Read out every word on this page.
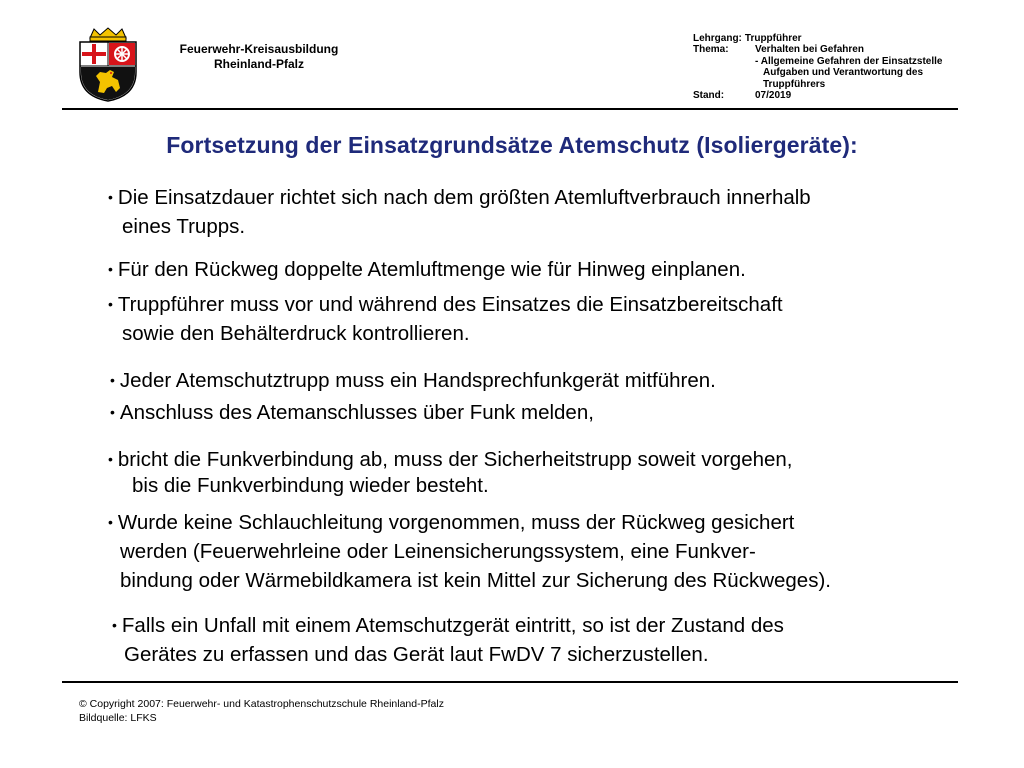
Feuerwehr-Kreisausbildung
Rheinland-Pfalz
Lehrgang: Truppführer
Thema:	Verhalten bei Gefahren
- Allgemeine Gefahren der Einsatzstelle
Aufgaben und Verantwortung des
Truppführers
Stand:	07/2019
Fortsetzung der Einsatzgrundsätze Atemschutz (Isoliergeräte):
• Die Einsatzdauer richtet sich nach dem größten Atemluftverbrauch innerhalb
eines Trupps.
• Für den Rückweg doppelte Atemluftmenge wie für Hinweg einplanen.
• Truppführer muss vor und während des Einsatzes die Einsatzbereitschaft
sowie den Behälterdruck kontrollieren.
• Jeder Atemschutztrupp muss ein Handsprechfunkgerät mitführen.
• Anschluss des Atemanschlusses über Funk melden,
• bricht die Funkverbindung ab, muss der Sicherheitstrupp soweit vorgehen,
bis die Funkverbindung wieder besteht.
• Wurde keine Schlauchleitung vorgenommen, muss der Rückweg gesichert
werden (Feuerwehrleine oder Leinensicherungssystem, eine Funkver-
bindung oder Wärmebildkamera ist kein Mittel zur Sicherung des Rückweges).
• Falls ein Unfall mit einem Atemschutzgerät eintritt, so ist der Zustand des
Gerätes zu erfassen und das Gerät laut FwDV 7 sicherzustellen.
© Copyright 2007: Feuerwehr- und Katastrophenschutzschule Rheinland-Pfalz
Bildquelle: LFKS
